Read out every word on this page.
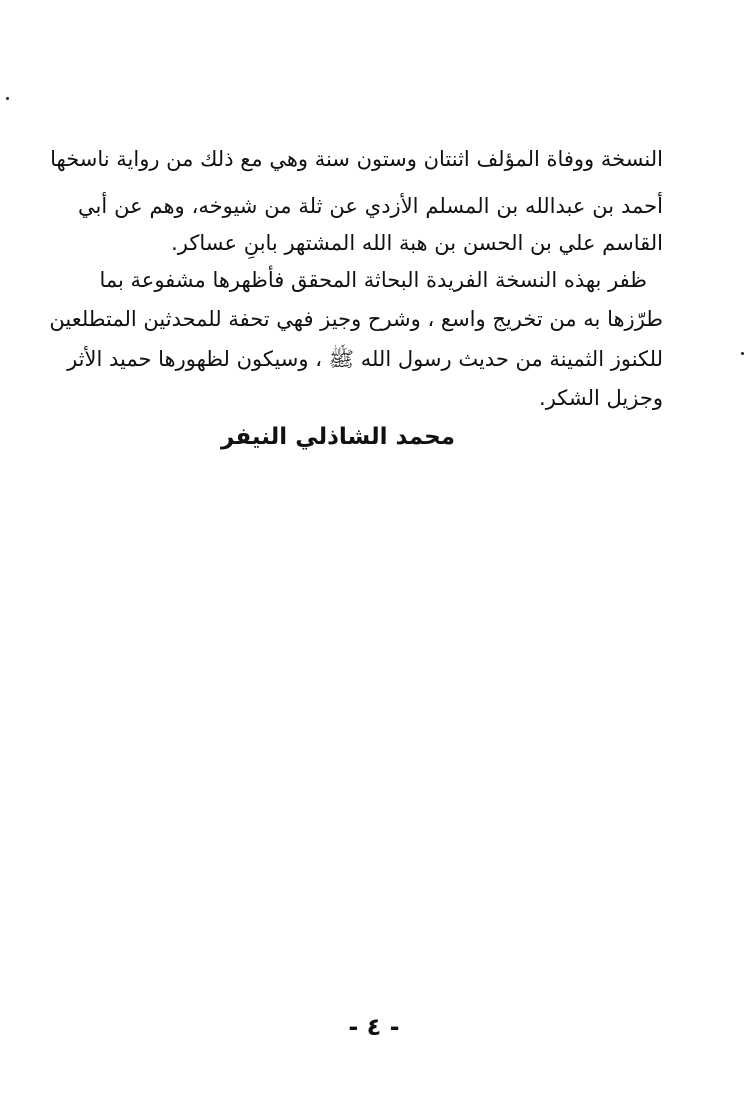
النسخة ووفاة المؤلف اثنتان وستون سنة وهي مع ذلك من رواية ناسخها
أحمد بن عبدالله بن المسلم الأزدي عن ثلة من شيوخه، وهم عن أبي
القاسم علي بن الحسن بن هبة الله المشتهر بابنِ عساكر.
ظفر بهذه النسخة الفريدة البحاثة المحقق فأظهرها مشفوعة بما
طرّزها به من تخريج واسع ، وشرح وجيز فهي تحفة للمحدثين المتطلعين
للكنوز الثمينة من حديث رسول الله ﷺ ، وسيكون لظهورها حميد الأثر
وجزيل الشكر.
محمد الشاذلي النيفر
- ٤ -
